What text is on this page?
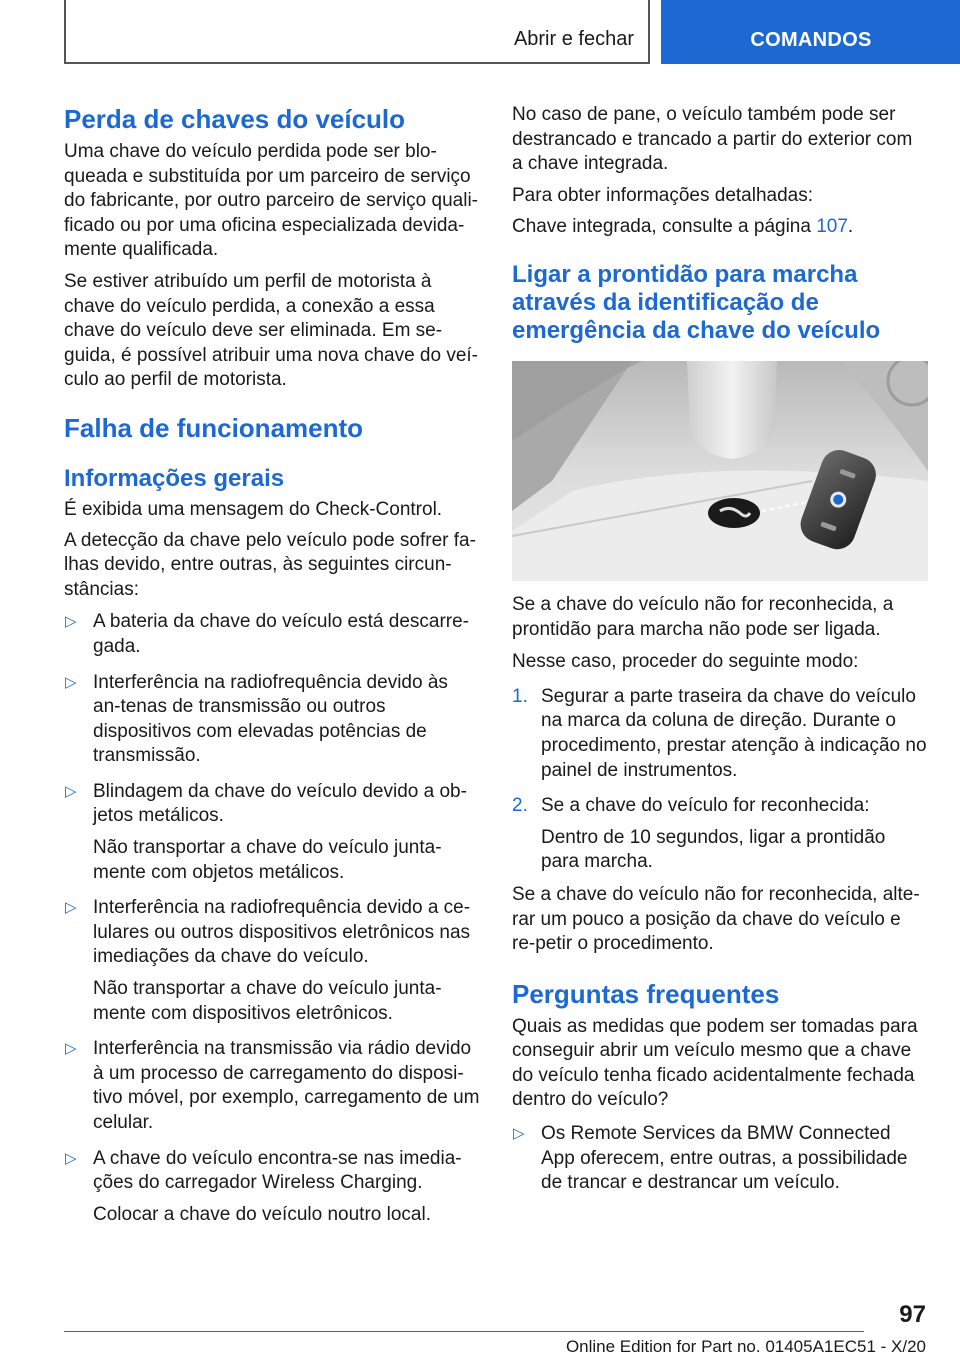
Abrir e fechar	COMANDOS
Perda de chaves do veículo

Uma chave do veículo perdida pode ser blo-queada e substituída por um parceiro de serviço do fabricante, por outro parceiro de serviço quali-ficado ou por uma oficina especializada devida-mente qualificada.

Se estiver atribuído um perfil de motorista à chave do veículo perdida, a conexão a essa chave do veículo deve ser eliminada. Em se-guida, é possível atribuir uma nova chave do veí-culo ao perfil de motorista.

Falha de funcionamento
Informações gerais

É exibida uma mensagem do Check-Control.

A detecção da chave pelo veículo pode sofrer fa-lhas devido, entre outras, às seguintes circun-stâncias:

▷ A bateria da chave do veículo está descarre-gada.

▷ Interferência na radiofrequência devido às an-tenas de transmissão ou outros dispositivos com elevadas potências de transmissão.

▷ Blindagem da chave do veículo devido a ob-jetos metálicos.

Não transportar a chave do veículo junta-mente com objetos metálicos.

▷ Interferência na radiofrequência devido a ce-lulares ou outros dispositivos eletrônicos nas imediações da chave do veículo.

Não transportar a chave do veículo junta-mente com dispositivos eletrônicos.

▷ Interferência na transmissão via rádio devido à um processo de carregamento do disposi-tivo móvel, por exemplo, carregamento de um celular.

▷ A chave do veículo encontra-se nas imedia-ções do carregador Wireless Charging.

Colocar a chave do veículo noutro local.

No caso de pane, o veículo também pode ser destrancado e trancado a partir do exterior com a chave integrada.

Para obter informações detalhadas:

Chave integrada, consulte a página 107.

Ligar a prontidão para marcha através da identificação de emergência da chave do veículo

Se a chave do veículo não for reconhecida, a prontidão para marcha não pode ser ligada.

Nesse caso, proceder do seguinte modo:

1. Segurar a parte traseira da chave do veículo na marca da coluna de direção. Durante o procedimento, prestar atenção à indicação no painel de instrumentos.

2. Se a chave do veículo for reconhecida:

Dentro de 10 segundos, ligar a prontidão para marcha.

Se a chave do veículo não for reconhecida, alte-rar um pouco a posição da chave do veículo e re-petir o procedimento.

Perguntas frequentes

Quais as medidas que podem ser tomadas para conseguir abrir um veículo mesmo que a chave do veículo tenha ficado acidentalmente fechada dentro do veículo?

▷ Os Remote Services da BMW Connected App oferecem, entre outras, a possibilidade de trancar e destrancar um veículo.

97
Online Edition for Part no. 01405A1EC51 - X/20
